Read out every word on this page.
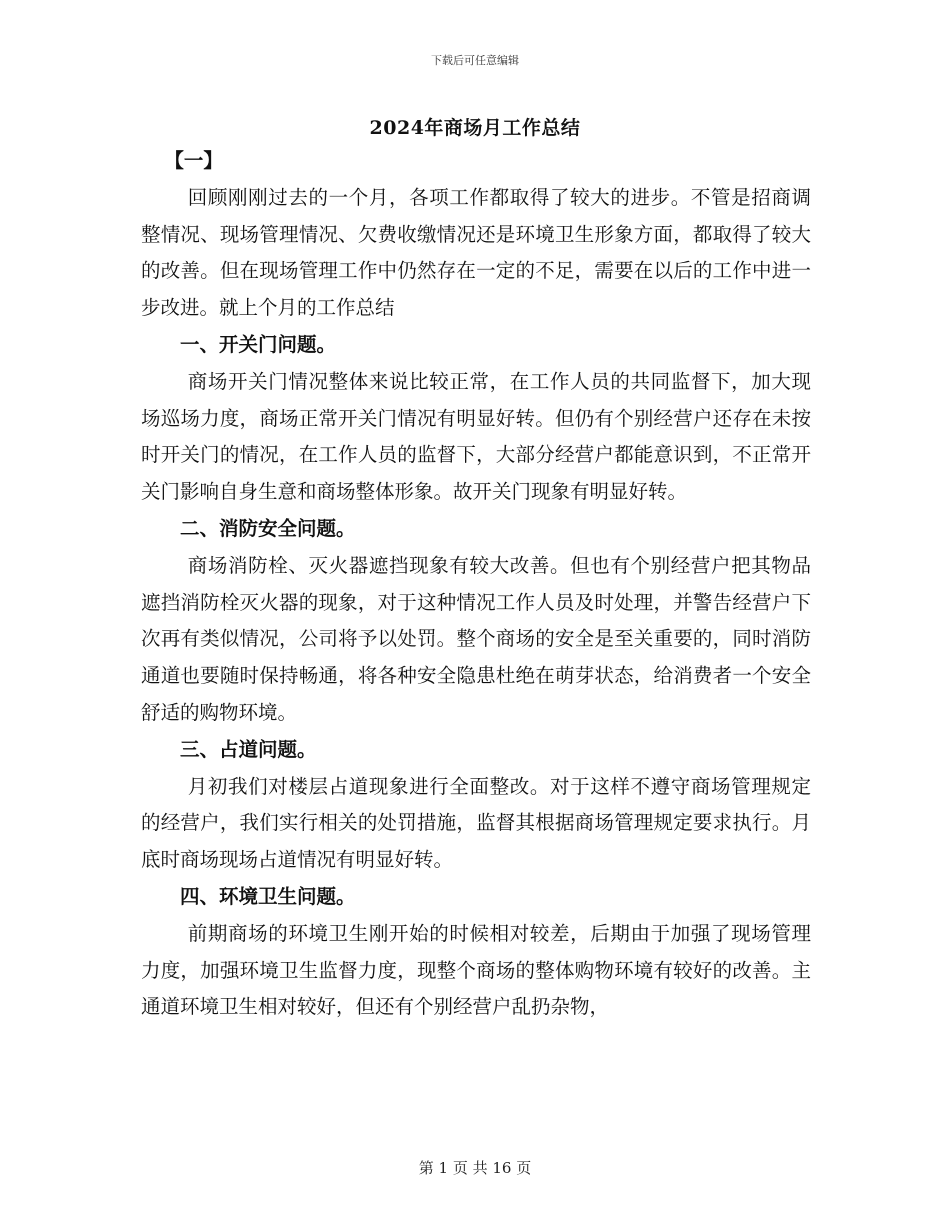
下载后可任意编辑
2024年商场月工作总结

【一】

回顾刚刚过去的一个月，各项工作都取得了较大的进步。不管是招商调整情况、现场管理情况、欠费收缴情况还是环境卫生形象方面，都取得了较大的改善。但在现场管理工作中仍然存在一定的不足，需要在以后的工作中进一步改进。就上个月的工作总结

一、开关门问题。

商场开关门情况整体来说比较正常，在工作人员的共同监督下，加大现场巡场力度，商场正常开关门情况有明显好转。但仍有个别经营户还存在未按时开关门的情况，在工作人员的监督下，大部分经营户都能意识到，不正常开关门影响自身生意和商场整体形象。故开关门现象有明显好转。

二、消防安全问题。

商场消防栓、灭火器遮挡现象有较大改善。但也有个别经营户把其物品遮挡消防栓灭火器的现象，对于这种情况工作人员及时处理，并警告经营户下次再有类似情况，公司将予以处罚。整个商场的安全是至关重要的，同时消防通道也要随时保持畅通，将各种安全隐患杜绝在萌芽状态，给消费者一个安全舒适的购物环境。

三、占道问题。

月初我们对楼层占道现象进行全面整改。对于这样不遵守商场管理规定的经营户，我们实行相关的处罚措施，监督其根据商场管理规定要求执行。月底时商场现场占道情况有明显好转。

四、环境卫生问题。

前期商场的环境卫生刚开始的时候相对较差，后期由于加强了现场管理力度，加强环境卫生监督力度，现整个商场的整体购物环境有较好的改善。主通道环境卫生相对较好，但还有个别经营户乱扔杂物，

第 1 页 共 16 页
